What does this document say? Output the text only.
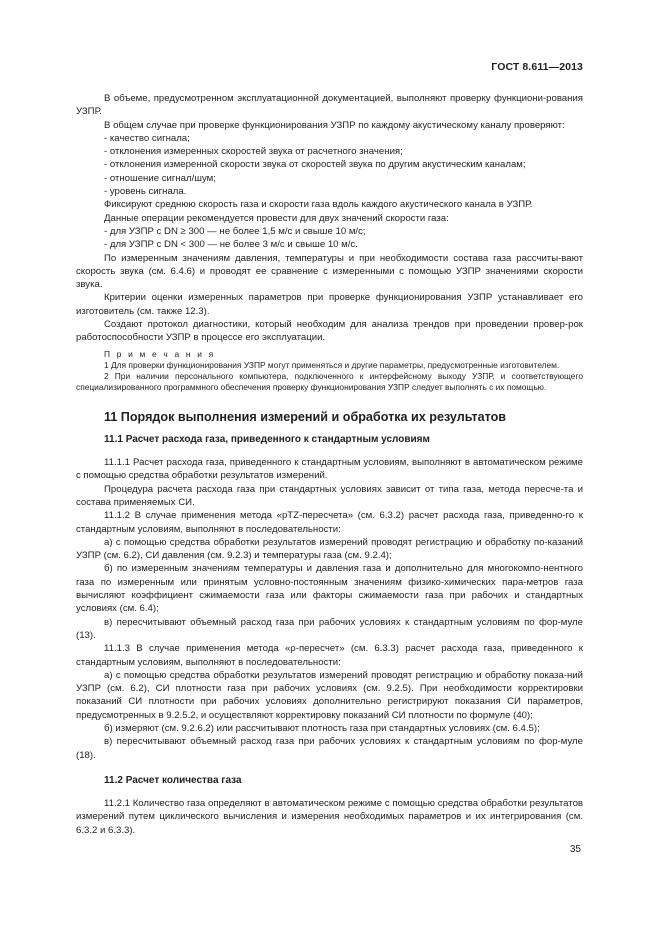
ГОСТ 8.611—2013

В объеме, предусмотренном эксплуатационной документацией, выполняют проверку функциони-рования УЗПР.

В общем случае при проверке функционирования УЗПР по каждому акустическому каналу проверяют:

- качество сигнала;

- отклонения измеренных скоростей звука от расчетного значения;

- отклонения измеренной скорости звука от скоростей звука по другим акустическим каналам;

- отношение сигнал/шум;

- уровень сигнала.

Фиксируют среднюю скорость газа и скорости газа вдоль каждого акустического канала в УЗПР.

Данные операции рекомендуется провести для двух значений скорости газа:

- для УЗПР с DN ≥ 300 — не более 1,5 м/с и свыше 10 м/с;

- для УЗПР с DN < 300 — не более 3 м/с и свыше 10 м/с.

По измеренным значениям давления, температуры и при необходимости состава газа рассчиты-вают скорость звука (см. 6.4.6) и проводят ее сравнение с измеренными с помощью УЗПР значениями скорости звука.

Критерии оценки измеренных параметров при проверке функционирования УЗПР устанавливает его изготовитель (см. также 12.3).

Создают протокол диагностики, который необходим для анализа трендов при проведении провер-рок работоспособности УЗПР в процессе его эксплуатации.

П р и м е ч а н и я

1 Для проверки функционирования УЗПР могут применяться и другие параметры, предусмотренные изготовителем.

2 При наличии персонального компьютера, подключенного к интерфейсному выходу УЗПР, и соответствующего специализированного программного обеспечения проверку функционирования УЗПР следует выполнять с их помощью.

11 Порядок выполнения измерений и обработка их результатов
11.1 Расчет расхода газа, приведенного к стандартным условиям

11.1.1 Расчет расхода газа, приведенного к стандартным условиям, выполняют в автоматическом режиме с помощью средства обработки результатов измерений.

Процедура расчета расхода газа при стандартных условиях зависит от типа газа, метода пересче-та и состава применяемых СИ.

11.1.2 В случае применения метода «pTZ-пересчета» (см. 6.3.2) расчет расхода газа, приведенно-го к стандартным условиям, выполняют в последовательности:

а) с помощью средства обработки результатов измерений проводят регистрацию и обработку по-казаний УЗПР (см. 6.2), СИ давления (см. 9.2.3) и температуры газа (см. 9.2.4);

б) по измеренным значениям температуры и давления газа и дополнительно для многокомпо-нентного газа по измеренным или принятым условно-постоянным значениям физико-химических пара-метров газа вычисляют коэффициент сжимаемости газа или факторы сжимаемости газа при рабочих и стандартных условиях (см. 6.4);

в) пересчитывают объемный расход газа при рабочих условиях к стандартным условиям по фор-муле (13).

11.1.3 В случае применения метода «ρ-пересчет» (см. 6.3.3) расчет расхода газа, приведенного к стандартным условиям, выполняют в последовательности:

а) с помощью средства обработки результатов измерений проводят регистрацию и обработку показа-ний УЗПР (см. 6.2), СИ плотности газа при рабочих условиях (см. 9.2.5). При необходимости корректировки показаний СИ плотности при рабочих условиях дополнительно регистрируют показания СИ параметров, предусмотренных в 9.2.5.2, и осуществляют корректировку показаний СИ плотности по формуле (40);

б) измеряют (см. 9.2.6.2) или рассчитывают плотность газа при стандартных условиях (см. 6.4.5);

в) пересчитывают объемный расход газа при рабочих условиях к стандартным условиям по фор-муле (18).

11.2 Расчет количества газа

11.2.1 Количество газа определяют в автоматическом режиме с помощью средства обработки результатов измерений путем циклического вычисления и измерения необходимых параметров и их интегрирования (см. 6.3.2 и 6.3.3).

35
